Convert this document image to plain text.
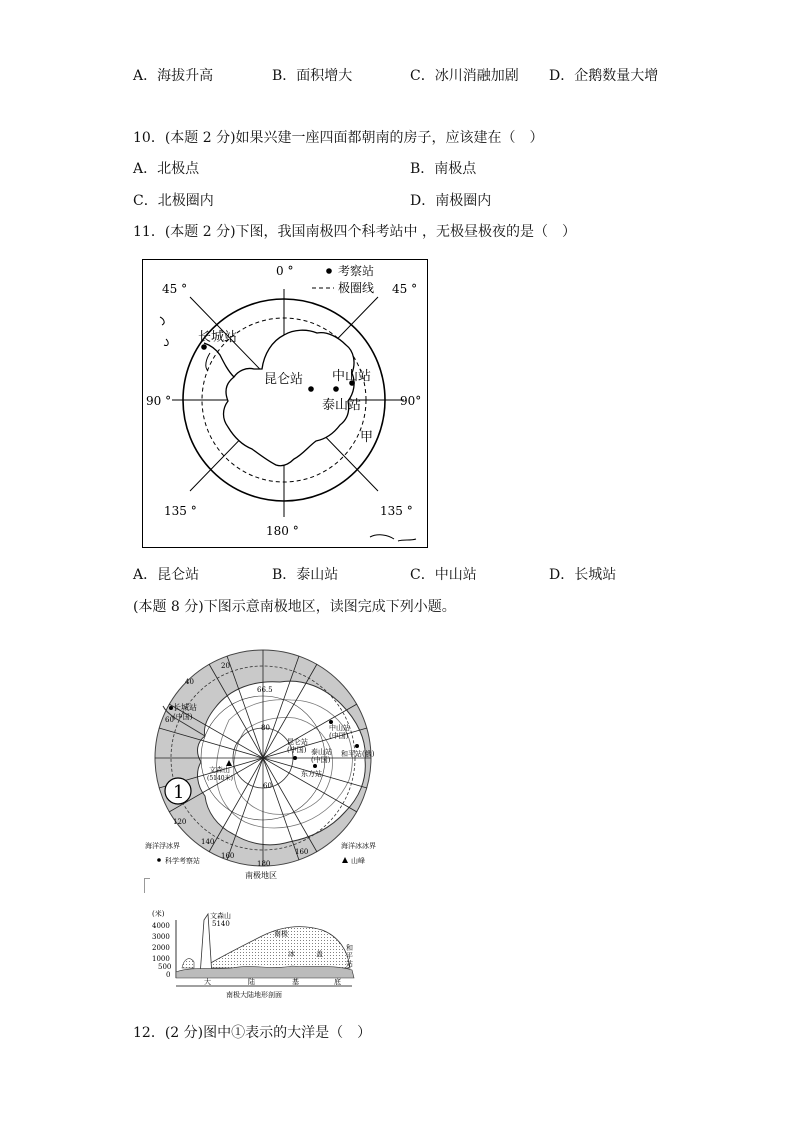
A．海拔升高	B．面积增大	C．冰川消融加剧 D．企鹅数量大增
10．(本题 2 分)如果兴建一座四面都朝南的房子，应该建在（　）
A．北极点	B．南极点
C．北极圈内	D．南极圈内
11．(本题 2 分)下图，我国南极四个科考站中 ，无极昼极夜的是（　）
考察站
极圈线
0 °
45 °	45 °
90 °	90°
135 °	135 °
180 °
长城站
昆仑站 中山站
泰山站
甲
A．昆仑站	B．泰山站	C．中山站	D．长城站
(本题 8 分)下图示意南极地区，读图完成下列小题。
1
66.5
80
60
长城站
(中国)
昆仑站
(中国)
中山站
(中国)
泰山站
(中国)
和平站(俄)
东方站
文森山
(5140米)
20
40
60
120
140
160
180
160
海洋浮冰界	海洋冰冰界
科学考察站	山峰
南极地区
(米)
4000
3000
2000
1000
500
0
文森山
5140
南极
冰	盖
和
平
站
大	陆	基	底
南极大陆地形剖面
12．(2 分)图中①表示的大洋是（　）
